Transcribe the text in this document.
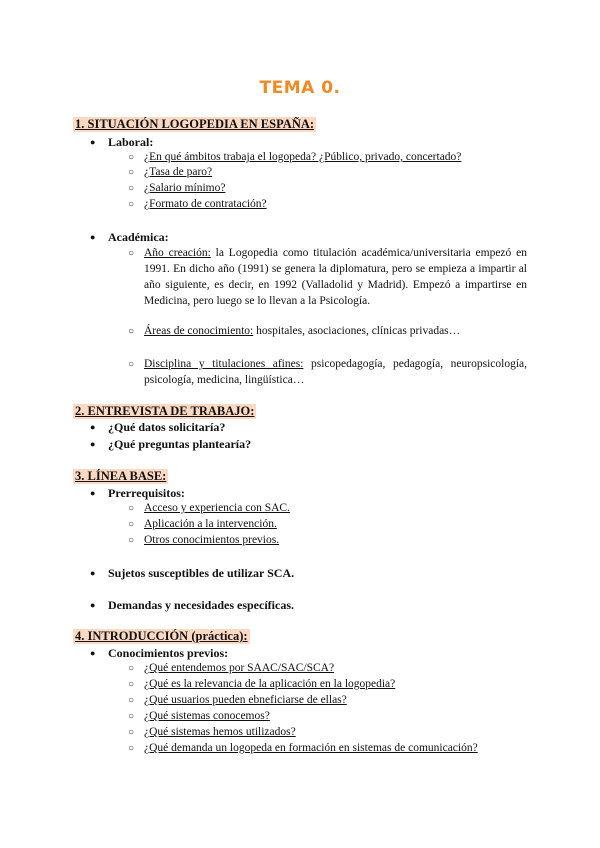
TEMA 0.
1. SITUACIÓN LOGOPEDIA EN ESPAÑA:
● Laboral:
○ ¿En qué ámbitos trabaja el logopeda? ¿Público, privado, concertado?
○ ¿Tasa de paro?
○ ¿Salario mínimo?
○ ¿Formato de contratación?
● Académica:
○ Año creación: la Logopedia como titulación académica/universitaria empezó en 1991. En dicho año (1991) se genera la diplomatura, pero se empieza a impartir al año siguiente, es decir, en 1992 (Valladolid y Madrid). Empezó a impartirse en Medicina, pero luego se lo llevan a la Psicología.
○ Áreas de conocimiento: hospitales, asociaciones, clínicas privadas…
○ Disciplina y titulaciones afines: psicopedagogía, pedagogía, neuropsicología, psicología, medicina, lingüística…
2. ENTREVISTA DE TRABAJO:
● ¿Qué datos solicitaría?
● ¿Qué preguntas plantearía?
3. LÍNEA BASE:
● Prerrequisitos:
○ Acceso y experiencia con SAC.
○ Aplicación a la intervención.
○ Otros conocimientos previos.
● Sujetos susceptibles de utilizar SCA.
● Demandas y necesidades específicas.
4. INTRODUCCIÓN (práctica):
● Conocimientos previos:
○ ¿Qué entendemos por SAAC/SAC/SCA?
○ ¿Qué es la relevancia de la aplicación en la logopedia?
○ ¿Qué usuarios pueden ebneficiarse de ellas?
○ ¿Qué sistemas conocemos?
○ ¿Qué sistemas hemos utilizados?
○ ¿Qué demanda un logopeda en formación en sistemas de comunicación?
